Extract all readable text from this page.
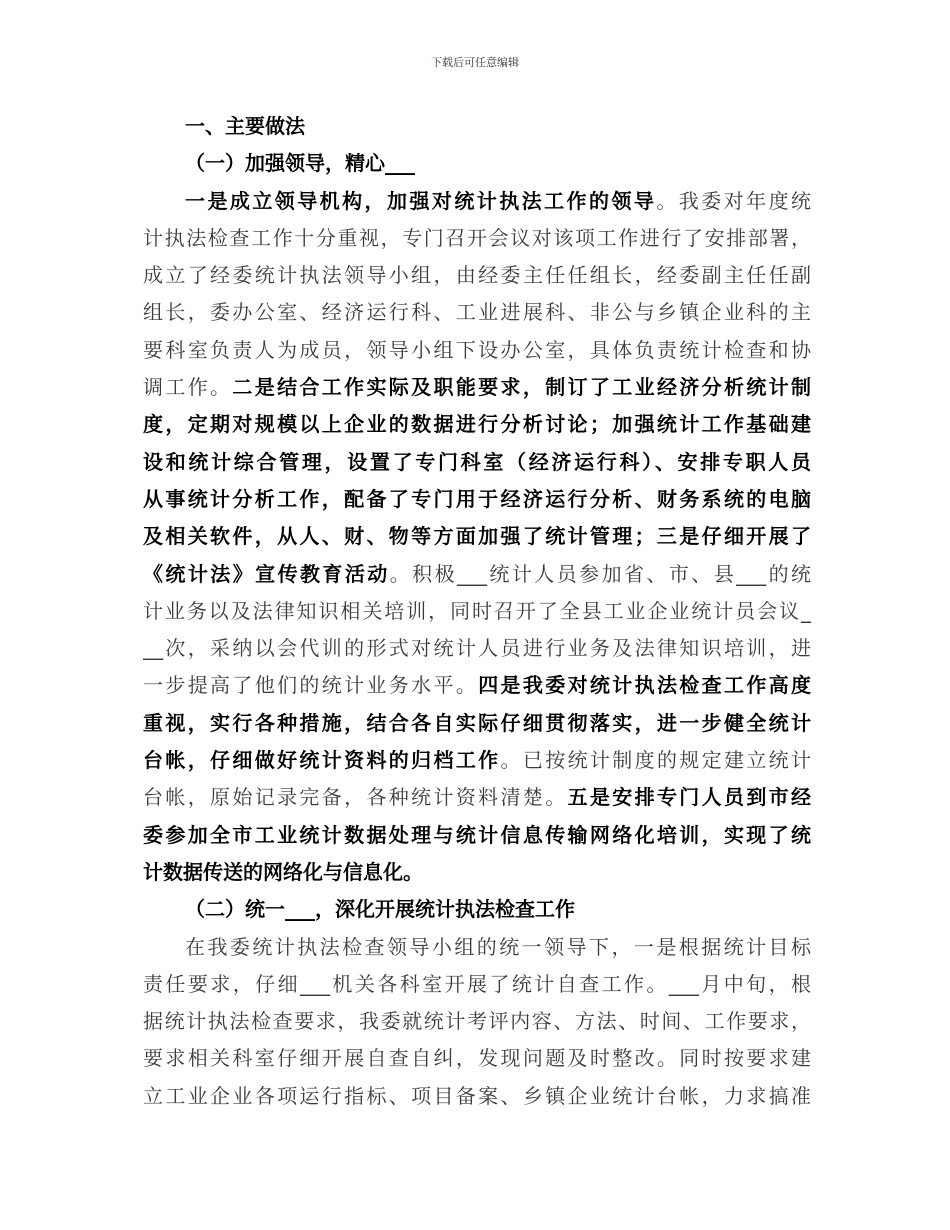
下载后可任意编辑
一、主要做法
（一）加强领导，精心___
一是成立领导机构，加强对统计执法工作的领导。我委对年度统
计执法检查工作十分重视，专门召开会议对该项工作进行了安排部署，
成立了经委统计执法领导小组，由经委主任任组长，经委副主任任副
组长，委办公室、经济运行科、工业进展科、非公与乡镇企业科的主
要科室负责人为成员，领导小组下设办公室，具体负责统计检查和协
调工作。二是结合工作实际及职能要求，制订了工业经济分析统计制
度，定期对规模以上企业的数据进行分析讨论；加强统计工作基础建
设和统计综合管理，设置了专门科室（经济运行科）、安排专职人员
从事统计分析工作，配备了专门用于经济运行分析、财务系统的电脑
及相关软件，从人、财、物等方面加强了统计管理；三是仔细开展了
《统计法》宣传教育活动。积极___统计人员参加省、市、县___的统
计业务以及法律知识相关培训，同时召开了全县工业企业统计员会议_
__次，采纳以会代训的形式对统计人员进行业务及法律知识培训，进
一步提高了他们的统计业务水平。四是我委对统计执法检查工作高度
重视，实行各种措施，结合各自实际仔细贯彻落实，进一步健全统计
台帐，仔细做好统计资料的归档工作。已按统计制度的规定建立统计
台帐，原始记录完备，各种统计资料清楚。五是安排专门人员到市经
委参加全市工业统计数据处理与统计信息传输网络化培训，实现了统
计数据传送的网络化与信息化。
（二）统一___，深化开展统计执法检查工作
在我委统计执法检查领导小组的统一领导下，一是根据统计目标
责任要求，仔细___机关各科室开展了统计自查工作。___月中旬，根
据统计执法检查要求，我委就统计考评内容、方法、时间、工作要求，
要求相关科室仔细开展自查自纠，发现问题及时整改。同时按要求建
立工业企业各项运行指标、项目备案、乡镇企业统计台帐，力求搞准
